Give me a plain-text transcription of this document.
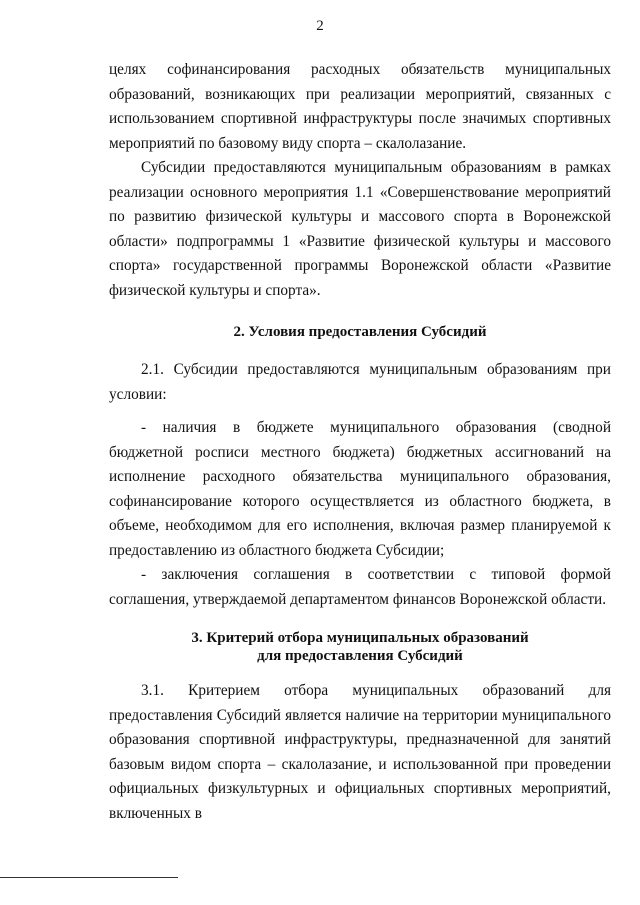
2

целях софинансирования расходных обязательств муниципальных образований, возникающих при реализации мероприятий, связанных с использованием спортивной инфраструктуры после значимых спортивных мероприятий по базовому виду спорта – скалолазание.

Субсидии предоставляются муниципальным образованиям в рамках реализации основного мероприятия 1.1 «Совершенствование мероприятий по развитию физической культуры и массового спорта в Воронежской области» подпрограммы 1 «Развитие физической культуры и массового спорта» государственной программы Воронежской области «Развитие физической культуры и спорта».

2. Условия предоставления Субсидий

2.1. Субсидии предоставляются муниципальным образованиям при условии:

- наличия в бюджете муниципального образования (сводной бюджетной росписи местного бюджета) бюджетных ассигнований на исполнение расходного обязательства муниципального образования, софинансирование которого осуществляется из областного бюджета, в объеме, необходимом для его исполнения, включая размер планируемой к предоставлению из областного бюджета Субсидии;

- заключения соглашения в соответствии с типовой формой соглашения, утверждаемой департаментом финансов Воронежской области.

3. Критерий отбора муниципальных образований
для предоставления Субсидий

3.1. Критерием отбора муниципальных образований для предоставления Субсидий является наличие на территории муниципального образования спортивной инфраструктуры, предназначенной для занятий базовым видом спорта – скалолазание, и использованной при проведении официальных физкультурных и официальных спортивных мероприятий, включенных в
